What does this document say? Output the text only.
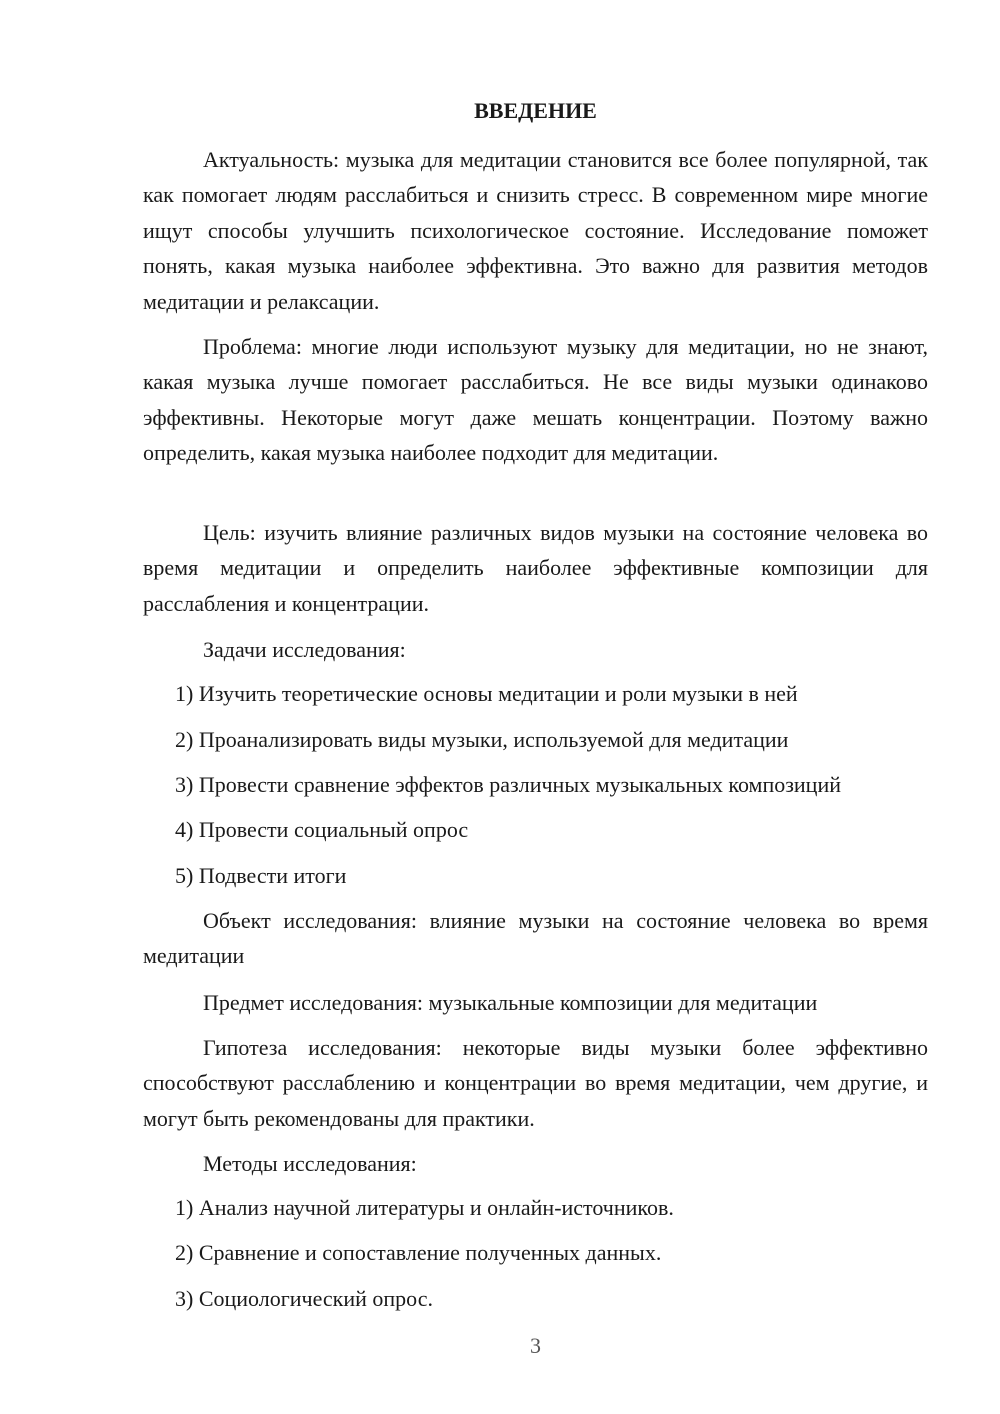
ВВЕДЕНИЕ

Актуальность: музыка для медитации становится все более популярной, так как помогает людям расслабиться и снизить стресс. В современном мире многие ищут способы улучшить психологическое состояние. Исследование поможет понять, какая музыка наиболее эффективна. Это важно для развития методов медитации и релаксации.

Проблема: многие люди используют музыку для медитации, но не знают, какая музыка лучше помогает расслабиться. Не все виды музыки одинаково эффективны. Некоторые могут даже мешать концентрации. Поэтому важно определить, какая музыка наиболее подходит для медитации.

Цель: изучить влияние различных видов музыки на состояние человека во время медитации и определить наиболее эффективные композиции для расслабления и концентрации.

Задачи исследования:

1) Изучить теоретические основы медитации и роли музыки в ней

2) Проанализировать виды музыки, используемой для медитации

3) Провести сравнение эффектов различных музыкальных композиций

4) Провести социальный опрос

5) Подвести итоги

Объект исследования: влияние музыки на состояние человека во время медитации

Предмет исследования: музыкальные композиции для медитации

Гипотеза исследования: некоторые виды музыки более эффективно способствуют расслаблению и концентрации во время медитации, чем другие, и могут быть рекомендованы для практики.

Методы исследования:

1) Анализ научной литературы и онлайн-источников.

2) Сравнение и сопоставление полученных данных.

3) Социологический опрос.

3
